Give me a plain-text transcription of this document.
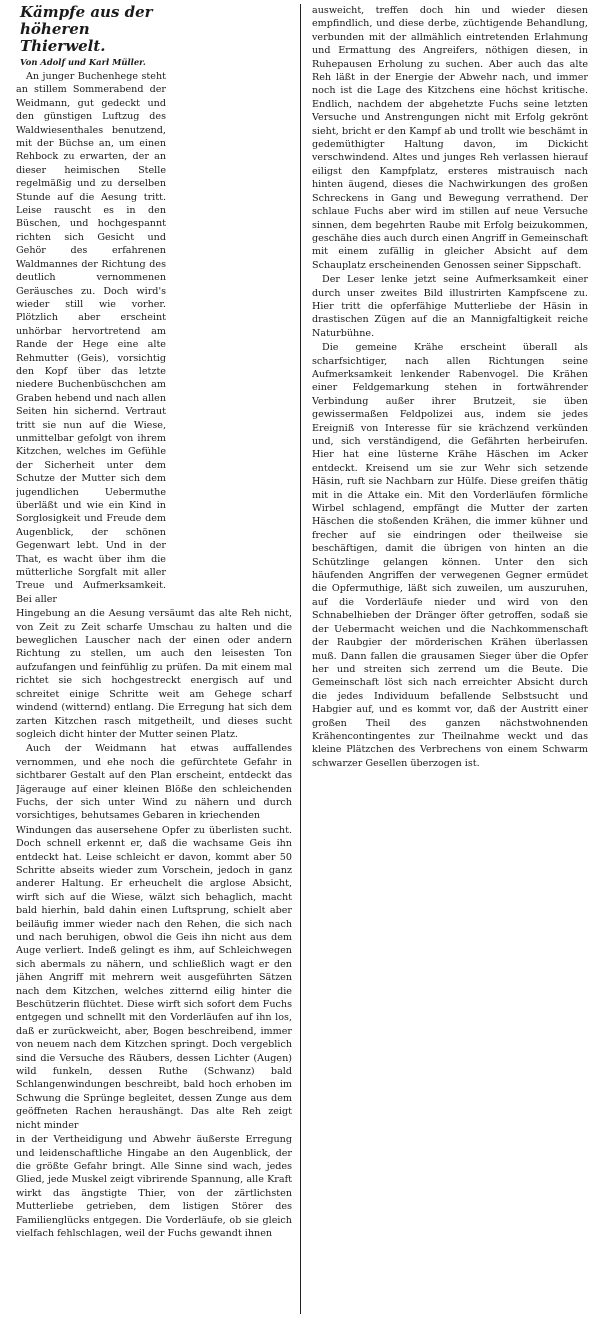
Kämpfe aus der höheren Thierwelt.
Von Adolf und Karl Müller.

An junger Buchenhege steht an stillem Sommerabend der Weidmann, gut gedeckt und den günstigen Luftzug des Waldwiesenthales benutzend, mit der Büchse an, um einen Rehbock zu erwarten, der an dieser heimischen Stelle regelmäßig und zu derselben Stunde auf die Aesung tritt. Leise rauscht es in den Büschen, und hochgespannt richten sich Gesicht und Gehör des erfahrenen Waldmannes der Richtung des deutlich vernommenen Geräusches zu. Doch wird's wieder still wie vorher. Plötzlich aber erscheint unhörbar hervortretend am Rande der Hege eine alte Rehmutter (Geis), vorsichtig den Kopf über das letzte niedere Buchenbüschchen am Graben hebend und nach allen Seiten hin sichernd. Vertraut tritt sie nun auf die Wiese, unmittelbar gefolgt von ihrem Kitzchen, welches im Gefühle der Sicherheit unter dem Schutze der Mutter sich dem jugendlichen Uebermuthe überläßt und wie ein Kind in Sorglosigkeit und Freude dem Augenblick, der schönen Gegenwart lebt. Und in der That, es wacht über ihm die mütterliche Sorgfalt mit aller Treue und Aufmerksamkeit. Bei aller

Hingebung an die Aesung versäumt das alte Reh nicht, von Zeit zu Zeit scharfe Umschau zu halten und die beweglichen Lauscher nach der einen oder andern Richtung zu stellen, um auch den leisesten Ton aufzufangen und feinfühlig zu prüfen. Da mit einem mal richtet sie sich hochgestreckt energisch auf und schreitet einige Schritte weit am Gehege scharf windend (witternd) entlang. Die Erregung hat sich dem zarten Kitzchen rasch mitgetheilt, und dieses sucht sogleich dicht hinter der Mutter seinen Platz.

Auch der Weidmann hat etwas auffallendes vernommen, und ehe noch die gefürchtete Gefahr in sichtbarer Gestalt auf den Plan erscheint, entdeckt das Jägerauge auf einer kleinen Blöße den schleichenden Fuchs, der sich unter Wind zu nähern und durch vorsichtiges, behutsames Gebaren in kriechenden

Windungen das ausersehene Opfer zu überlisten sucht. Doch schnell erkennt er, daß die wachsame Geis ihn entdeckt hat. Leise schleicht er davon, kommt aber 50 Schritte abseits wieder zum Vorschein, jedoch in ganz anderer Haltung. Er erheuchelt die arglose Absicht, wirft sich auf die Wiese, wälzt sich behaglich, macht bald hierhin, bald dahin einen Luftsprung, schielt aber beiläufig immer wieder nach den Rehen, die sich nach und nach beruhigen, obwol die Geis ihn nicht aus dem Auge verliert. Indeß gelingt es ihm, auf Schleichwegen sich abermals zu nähern, und schließlich wagt er den jähen Angriff mit mehrern weit ausgeführten Sätzen nach dem Kitzchen, welches zitternd eilig hinter die Beschützerin flüchtet. Diese wirft sich sofort dem Fuchs entgegen und schnellt mit den Vorderläufen auf ihn los, daß er zurückweicht, aber, Bogen beschreibend, immer von neuem nach dem Kitzchen springt. Doch vergeblich sind die Versuche des Räubers, dessen Lichter (Augen) wild funkeln, dessen Ruthe (Schwanz) bald Schlangenwindungen beschreibt, bald hoch erhoben im Schwung die Sprünge begleitet, dessen Zunge aus dem geöffneten Rachen heraushängt. Das alte Reh zeigt nicht minder

in der Vertheidigung und Abwehr äußerste Erregung und leidenschaftliche Hingabe an den Augenblick, der die größte Gefahr bringt. Alle Sinne sind wach, jedes Glied, jede Muskel zeigt vibrirende Spannung, alle Kraft wirkt das ängstigte Thier, von der zärtlichsten Mutterliebe getrieben, dem listigen Störer des Familienglücks entgegen. Die Vorderläufe, ob sie gleich vielfach fehlschlagen, weil der Fuchs gewandt ihnen

ausweicht, treffen doch hin und wieder diesen empfindlich, und diese derbe, züchtigende Behandlung, verbunden mit der allmählich eintretenden Erlahmung und Ermattung des Angreifers, nöthigen diesen, in Ruhepausen Erholung zu suchen. Aber auch das alte Reh läßt in der Energie der Abwehr nach, und immer noch ist die Lage des Kitzchens eine höchst kritische. Endlich, nachdem der abgehetzte Fuchs seine letzten Versuche und Anstrengungen nicht mit Erfolg gekrönt sieht, bricht er den Kampf ab und trollt wie beschämt in gedemüthigter Haltung davon, im Dickicht verschwindend. Altes und junges Reh verlassen hierauf eiligst den Kampfplatz, ersteres mistrauisch nach hinten äugend, dieses die Nachwirkungen des großen Schreckens in Gang und Bewegung verrathend. Der schlaue Fuchs aber wird im stillen auf neue Versuche sinnen, dem begehrten Raube mit Erfolg beizukommen, geschähe dies auch durch einen Angriff in Gemeinschaft mit einem zufällig in gleicher Absicht auf dem Schauplatz erscheinenden Genossen seiner Sippschaft.

Der Leser lenke jetzt seine Aufmerksamkeit einer durch unser zweites Bild illustrirten Kampfscene zu. Hier tritt die opferfähige Mutterliebe der Häsin in drastischen Zügen auf die an Mannigfaltigkeit reiche Naturbühne.

Die gemeine Krähe erscheint überall als scharfsichtiger, nach allen Richtungen seine Aufmerksamkeit lenkender Rabenvogel. Die Krähen einer Feldgemarkung stehen in fortwährender Verbindung außer ihrer Brutzeit, sie üben gewissermaßen Feldpolizei aus, indem sie jedes Ereigniß von Interesse für sie krächzend verkünden und, sich verständigend, die Gefährten herbeirufen. Hier hat eine lüsterne Krähe Häschen im Acker entdeckt. Kreisend um sie zur Wehr sich setzende Häsin, ruft sie Nachbarn zur Hülfe. Diese greifen thätig mit in die Attake ein. Mit den Vorderläufen förmliche Wirbel schlagend, empfängt die Mutter der zarten Häschen die stoßenden Krähen, die immer kühner und frecher auf sie eindringen oder theilweise sie beschäftigen, damit die übrigen von hinten an die Schützlinge gelangen können. Unter den sich häufenden Angriffen der verwegenen Gegner ermüdet die Opfermuthige, läßt sich zuweilen, um auszuruhen, auf die Vorderläufe nieder und wird von den Schnabelhieben der Dränger öfter getroffen, sodaß sie der Uebermacht weichen und die Nachkommenschaft der Raubgier der mörderischen Krähen überlassen muß. Dann fallen die grausamen Sieger über die Opfer her und streiten sich zerrend um die Beute. Die Gemeinschaft löst sich nach erreichter Absicht durch die jedes Individuum befallende Selbstsucht und Habgier auf, und es kommt vor, daß der Austritt einer großen Theil des ganzen nächstwohnenden Krähencontingentes zur Theilnahme weckt und das kleine Plätzchen des Verbrechens von einem Schwarm schwarzer Gesellen überzogen ist.
